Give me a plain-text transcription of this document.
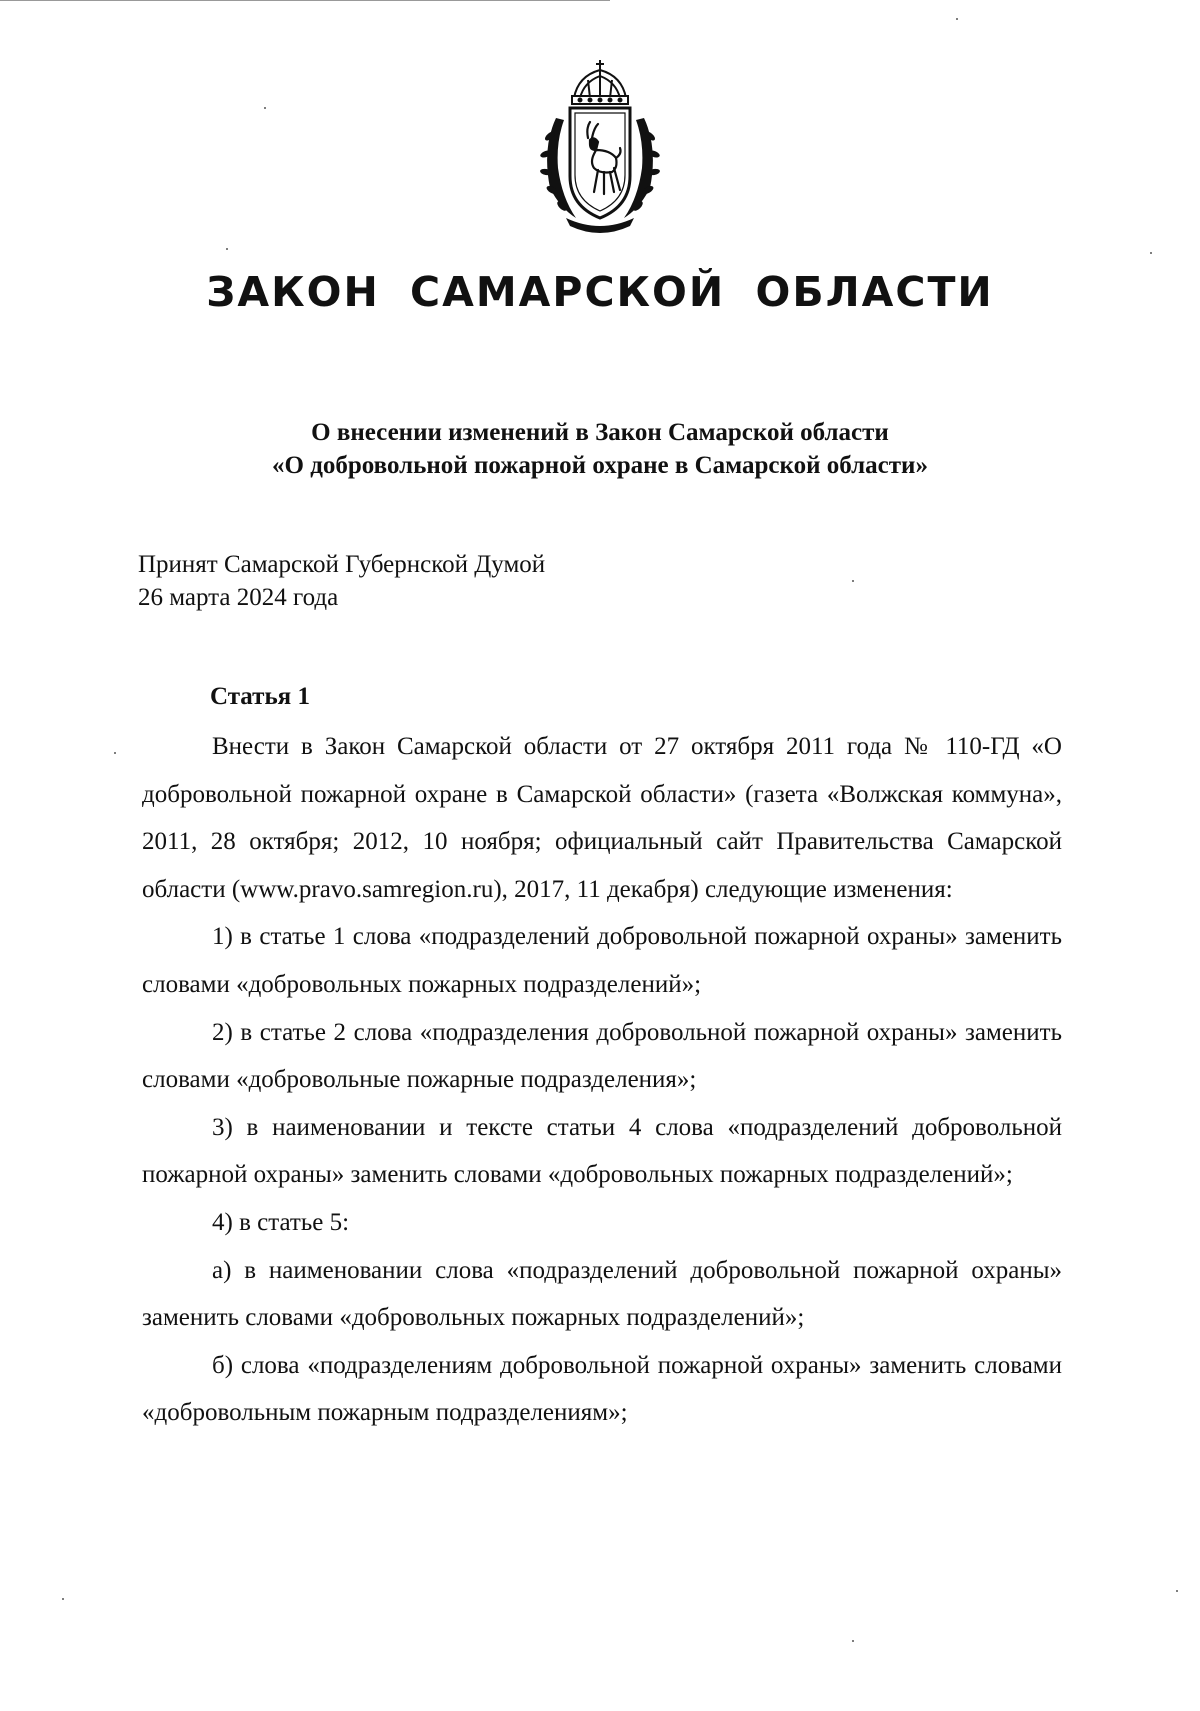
ЗАКОН САМАРСКОЙ ОБЛАСТИ
О внесении изменений в Закон Самарской области
«О добровольной пожарной охране в Самарской области»
Принят Самарской Губернской Думой
26 марта 2024 года
Статья 1

Внести в Закон Самарской области от 27 октября 2011 года № 110-ГД «О добровольной пожарной охране в Самарской области» (газета «Волжская коммуна», 2011, 28 октября; 2012, 10 ноября; официальный сайт Правительства Самарской области (www.pravo.samregion.ru), 2017, 11 декабря) следующие изменения:

1) в статье 1 слова «подразделений добровольной пожарной охраны» заменить словами «добровольных пожарных подразделений»;

2) в статье 2 слова «подразделения добровольной пожарной охраны» заменить словами «добровольные пожарные подразделения»;

3) в наименовании и тексте статьи 4 слова «подразделений добровольной пожарной охраны» заменить словами «добровольных пожарных подразделений»;

4) в статье 5:

а) в наименовании слова «подразделений добровольной пожарной охраны» заменить словами «добровольных пожарных подразделений»;

б) слова «подразделениям добровольной пожарной охраны» заменить словами «добровольным пожарным подразделениям»;
